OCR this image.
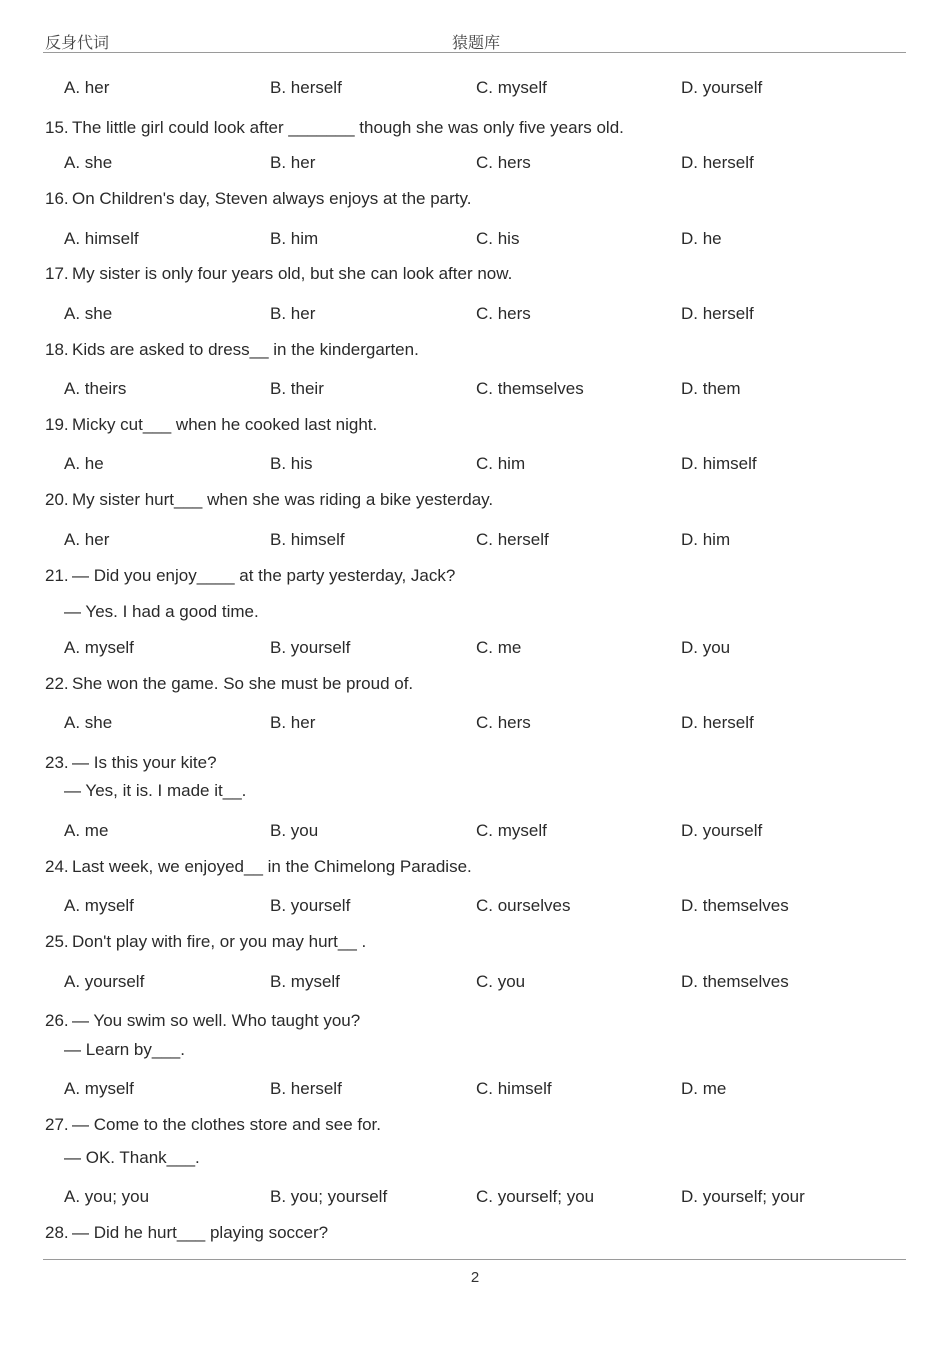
反身代词	猿题库
A. her	B. herself	C. myself	D. yourself
15. The little girl could look after _______ though she was only five years old.
A. she	B. her	C. hers	D. herself
16. On Children's day, Steven always enjoys at the party.
A. himself	B. him	C. his	D. he
17. My sister is only four years old, but she can look after now.
A. she	B. her	C. hers	D. herself
18. Kids are asked to dress__ in the kindergarten.
A. theirs	B. their	C. themselves	D. them
19. Micky cut___ when he cooked last night.
A. he	B. his	C. him	D. himself
20. My sister hurt___ when she was riding a bike yesterday.
A. her	B. himself	C. herself	D. him
21. — Did you enjoy____ at the party yesterday, Jack?
— Yes. I had a good time.
A. myself	B. yourself	C. me	D. you
22. She won the game. So she must be proud of.
A. she	B. her	C. hers	D. herself
23. — Is this your kite?
— Yes, it is. I made it__.
A. me	B. you	C. myself	D. yourself
24. Last week, we enjoyed__ in the Chimelong Paradise.
A. myself	B. yourself	C. ourselves	D. themselves
25. Don't play with fire, or you may hurt__ .
A. yourself	B. myself	C. you	D. themselves
26. — You swim so well. Who taught you?
— Learn by___.
A. myself	B. herself	C. himself	D. me
27. — Come to the clothes store and see for.
— OK. Thank___.
A. you; you	B. you; yourself	C. yourself; you	D. yourself; your
28. — Did he hurt___ playing soccer?
2
